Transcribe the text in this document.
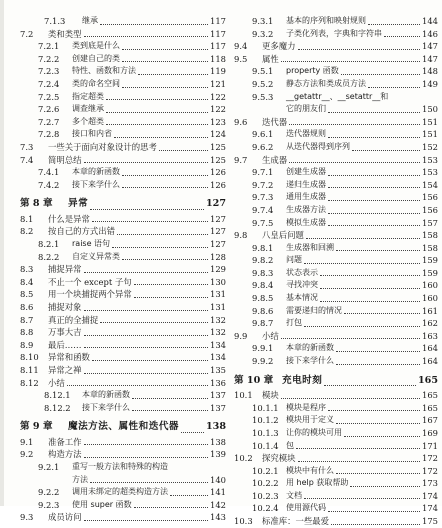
7.1.3	继承	117
7.2	类和类型	117
7.2.1	类到底是什么	117
7.2.2	创建自己的类	118
7.2.3	特性、函数和方法	119
7.2.4	类的命名空间	121
7.2.5	指定超类	122
7.2.6	调查继承	122
7.2.7	多个超类	123
7.2.8	接口和内省	124
7.3	一些关于面向对象设计的思考	125
7.4	简明总结	125
7.4.1	本章的新函数	126
7.4.2	接下来学什么	126
第 8 章	异常	127
8.1	什么是异常	127
8.2	按自己的方式出错	127
8.2.1	raise 语句	127
8.2.2	自定义异常类	128
8.3	捕捉异常	129
8.4	不止一个 except 子句	130
8.5	用一个块捕捉两个异常	131
8.6	捕捉对象	131
8.7	真正的全捕捉	132
8.8	万事大吉	132
8.9	最后……	134
8.10	异常和函数	134
8.11	异常之禅	135
8.12	小结	136
8.12.1	本章的新函数	137
8.12.2	接下来学什么	137
第 9 章	魔法方法、属性和迭代器	138
9.1	准备工作	138
9.2	构造方法	139
9.2.1	重写一般方法和特殊的构造
方法	140
9.2.2	调用未绑定的超类构造方法	141
9.2.3	使用 super 函数	142
9.3	成员访问	143
9.3.1	基本的序列和映射规则	144
9.3.2	子类化列表，字典和字符串	146
9.4	更多魔力	147
9.5	属性	147
9.5.1	property 函数	148
9.5.2	静态方法和类成员方法	149
9.5.3	__getattr__、__setattr__和
它的朋友们	150
9.6	迭代器	151
9.6.1	迭代器规则	151
9.6.2	从迭代器得到序列	152
9.7	生成器	153
9.7.1	创建生成器	153
9.7.2	递归生成器	154
9.7.3	通用生成器	156
9.7.4	生成器方法	156
9.7.5	模拟生成器	157
9.8	八皇后问题	158
9.8.1	生成器和回溯	158
9.8.2	问题	159
9.8.3	状态表示	159
9.8.4	寻找冲突	160
9.8.5	基本情况	160
9.8.6	需要递归的情况	161
9.8.7	打包	162
9.9	小结	163
9.9.1	本章的新函数	164
9.9.2	接下来学什么	164
第 10 章 充电时刻	165
10.1	模块	165
10.1.1 模块是程序	165
10.1.2 模块用于定义	167
10.1.3 让你的模块可用	169
10.1.4 包	171
10.2	探究模块	172
10.2.1 模块中有什么	172
10.2.2 用 help 获取帮助	173
10.2.3 文档	174
10.2.4 使用源代码	174
10.3	标准库：一些最爱	175
